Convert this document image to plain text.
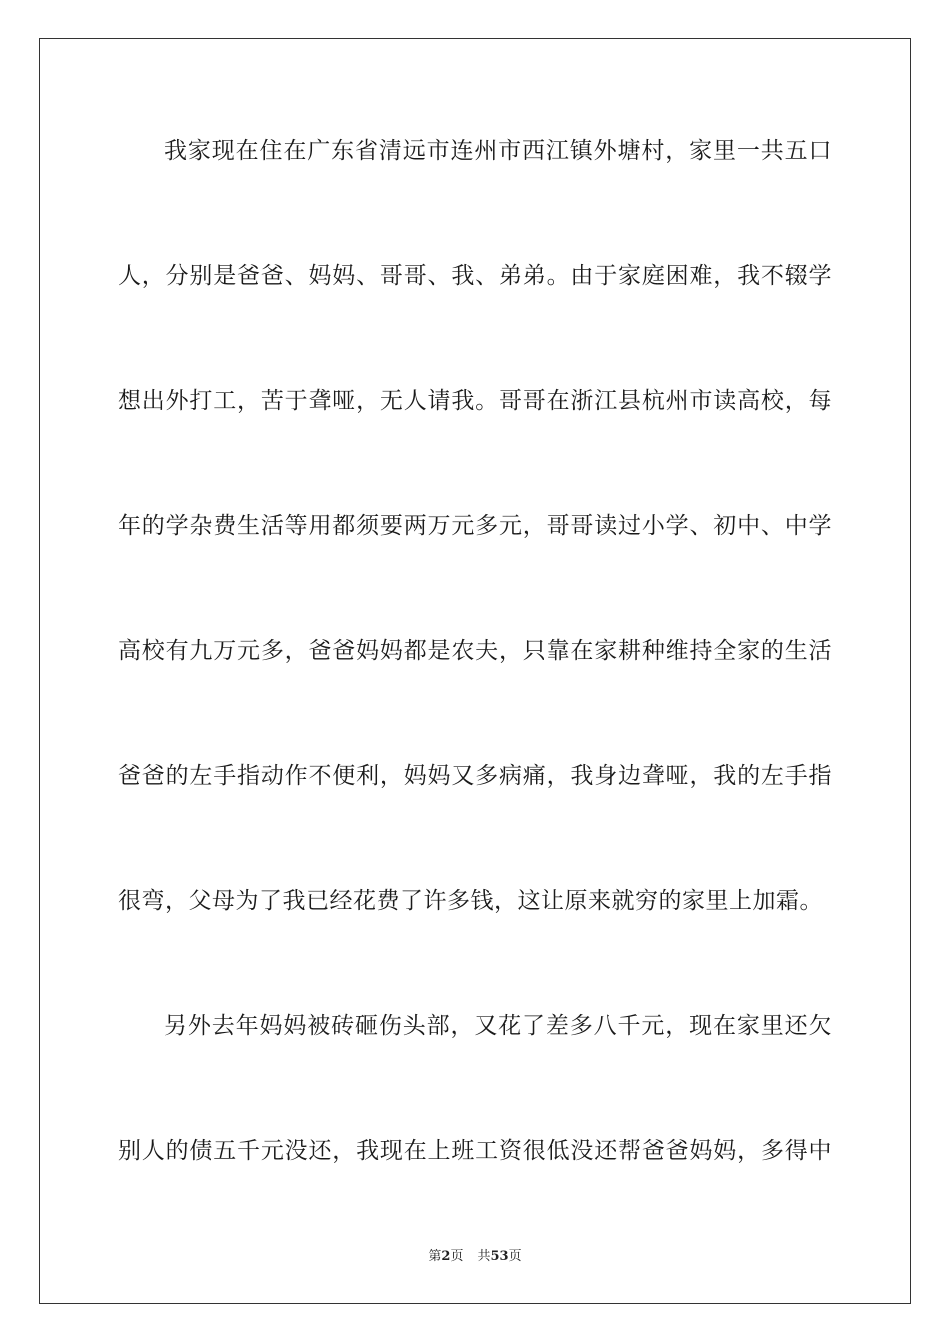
我家现在住在广东省清远市连州市西江镇外塘村，家里一共五口
人，分别是爸爸、妈妈、哥哥、我、弟弟。由于家庭困难，我不辍学
想出外打工，苦于聋哑，无人请我。哥哥在浙江县杭州市读高校，每
年的学杂费生活等用都须要两万元多元，哥哥读过小学、初中、中学
高校有九万元多，爸爸妈妈都是农夫，只靠在家耕种维持全家的生活
爸爸的左手指动作不便利，妈妈又多病痛，我身边聋哑，我的左手指
很弯，父母为了我已经花费了许多钱，这让原来就穷的家里上加霜。
另外去年妈妈被砖砸伤头部，又花了差多八千元，现在家里还欠
别人的债五千元没还，我现在上班工资很低没还帮爸爸妈妈，多得中
第2页 共53页
